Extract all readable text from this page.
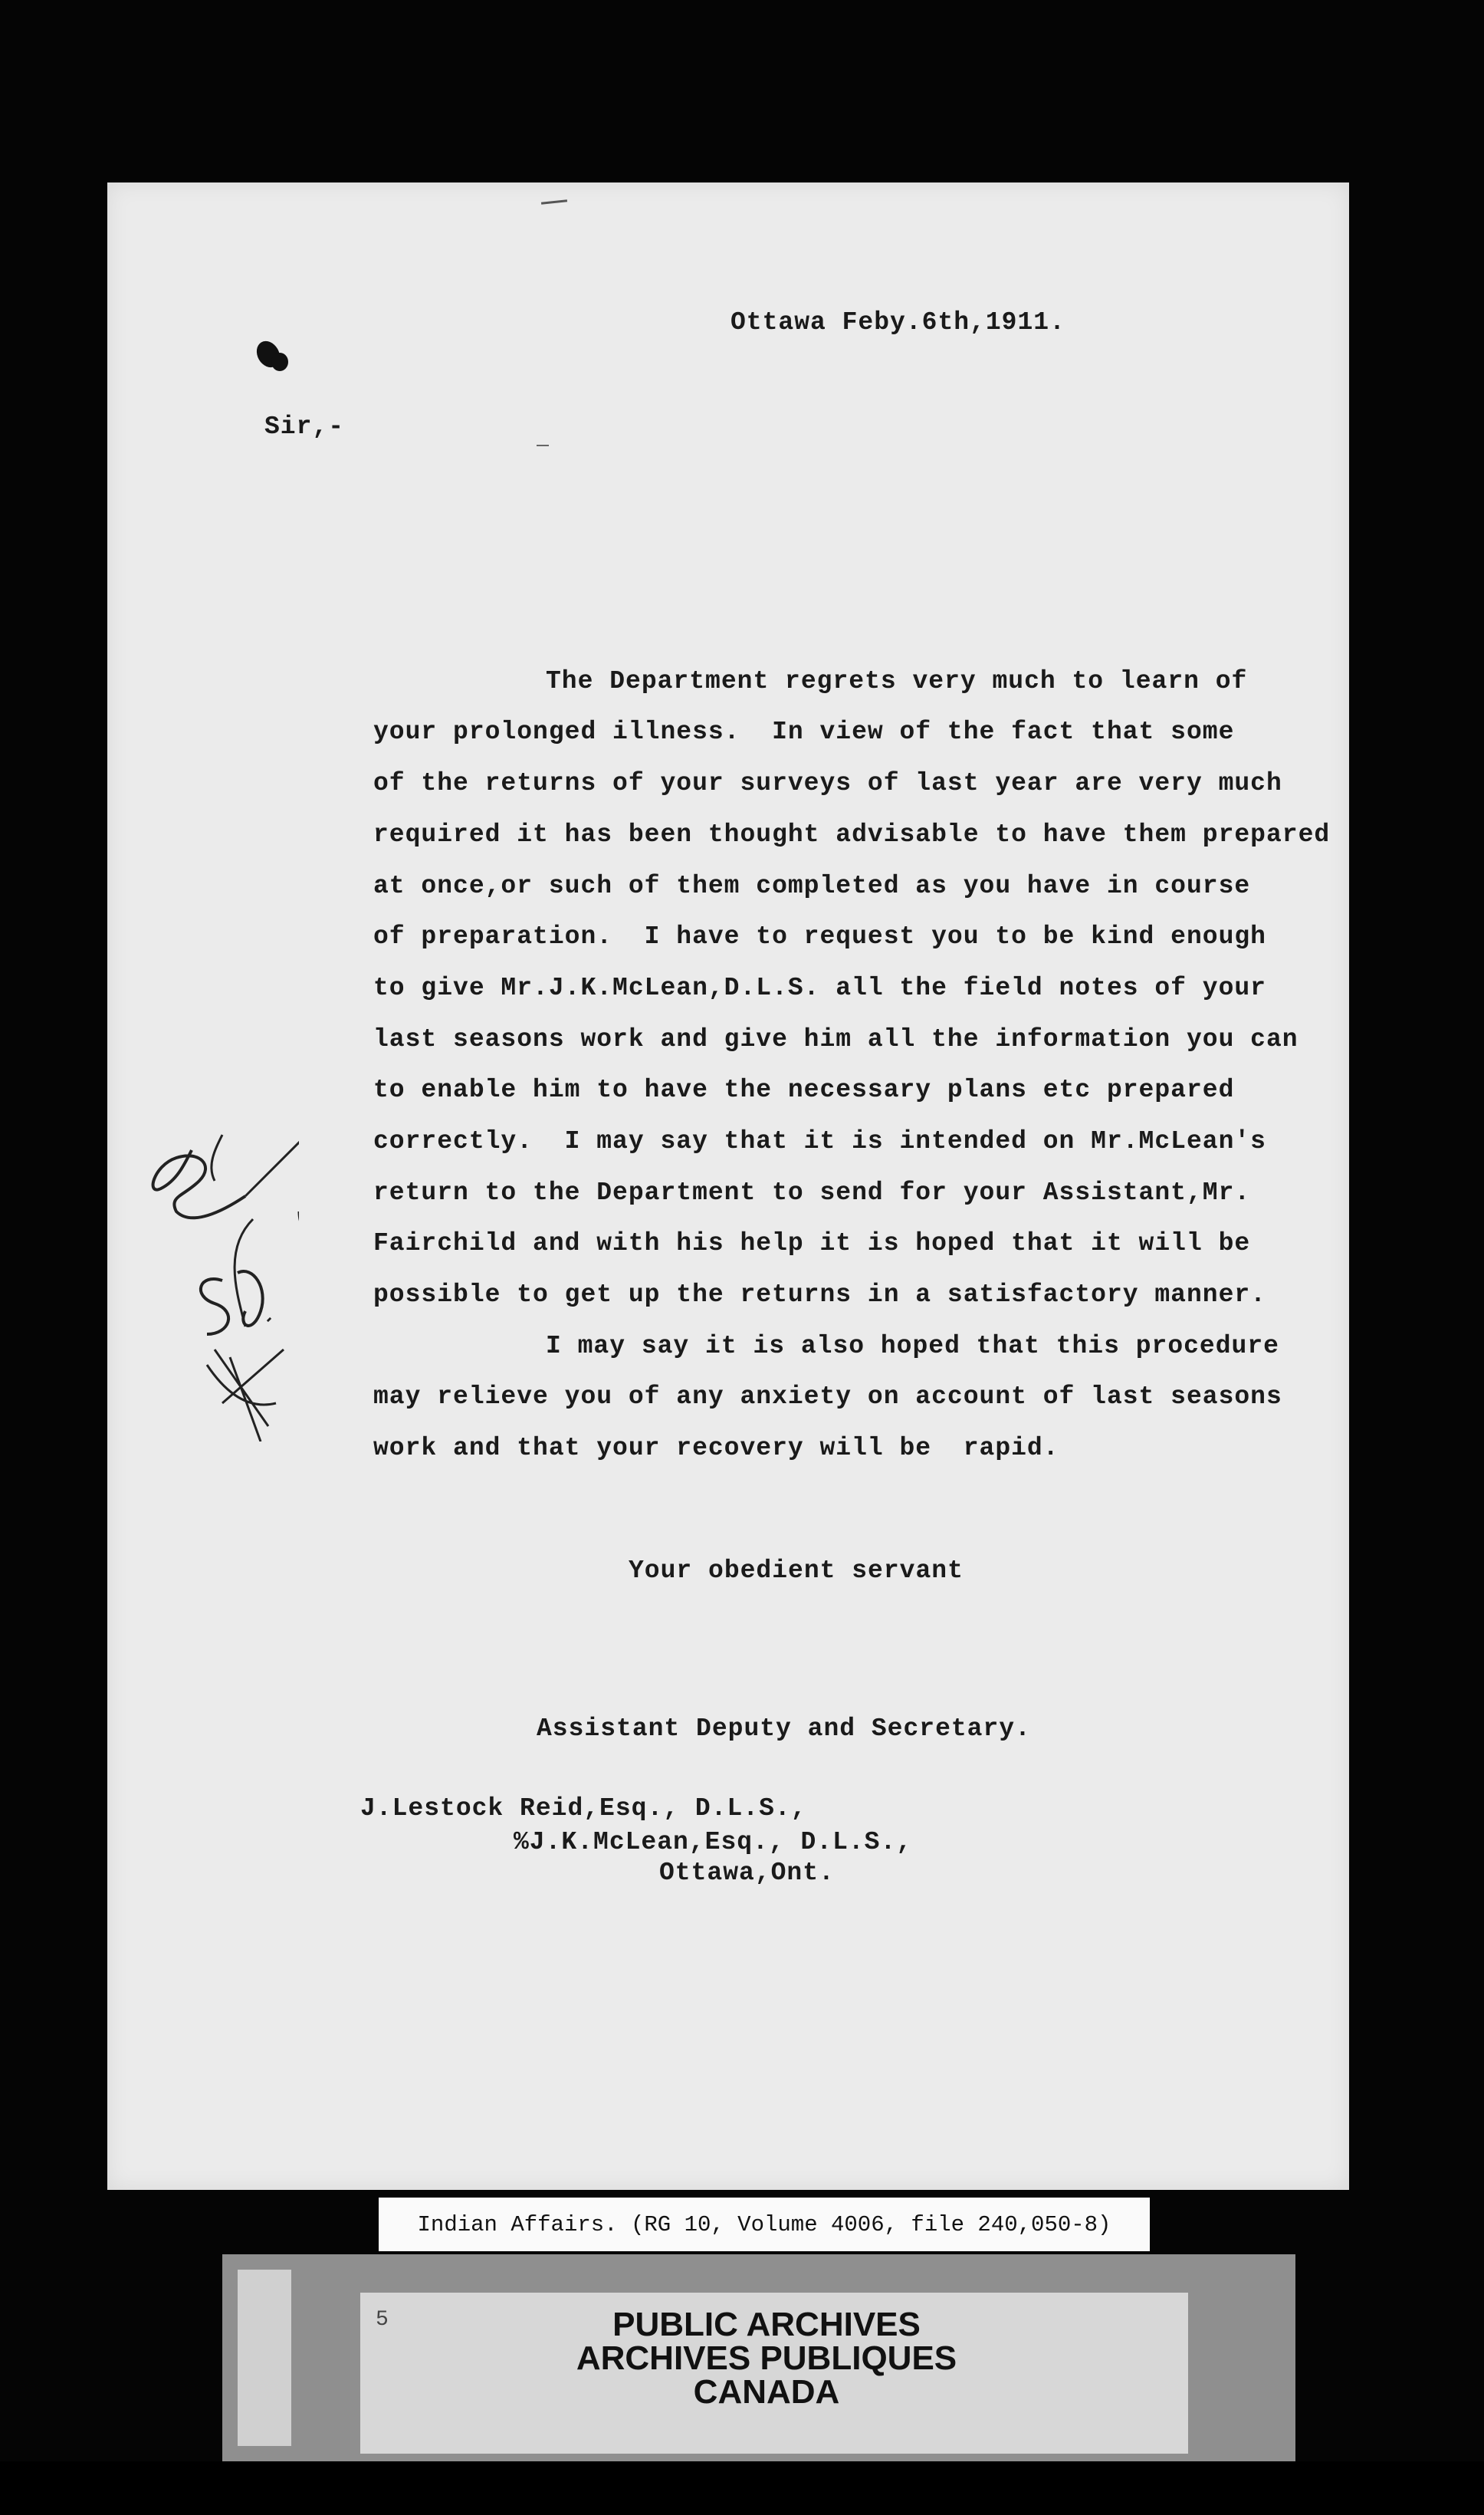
Ottawa Feby.6th,1911.
Sir,-
The Department regrets very much to learn of
your prolonged illness.  In view of the fact that some
of the returns of your surveys of last year are very much
required it has been thought advisable to have them prepared
at once,or such of them completed as you have in course
of preparation.  I have to request you to be kind enough
to give Mr.J.K.McLean,D.L.S. all the field notes of your
last seasons work and give him all the information you can
to enable him to have the necessary plans etc prepared
correctly.  I may say that it is intended on Mr.McLean's
return to the Department to send for your Assistant,Mr.
Fairchild and with his help it is hoped that it will be
possible to get up the returns in a satisfactory manner.
I may say it is also hoped that this procedure
may relieve you of any anxiety on account of last seasons
work and that your recovery will be  rapid.
Your obedient servant
Assistant Deputy and Secretary.
J.Lestock Reid,Esq., D.L.S.,
%J.K.McLean,Esq., D.L.S.,
Ottawa,Ont.
Indian Affairs. (RG 10, Volume 4006, file 240,050-8)
5	PUBLIC ARCHIVES
ARCHIVES PUBLIQUES
CANADA
